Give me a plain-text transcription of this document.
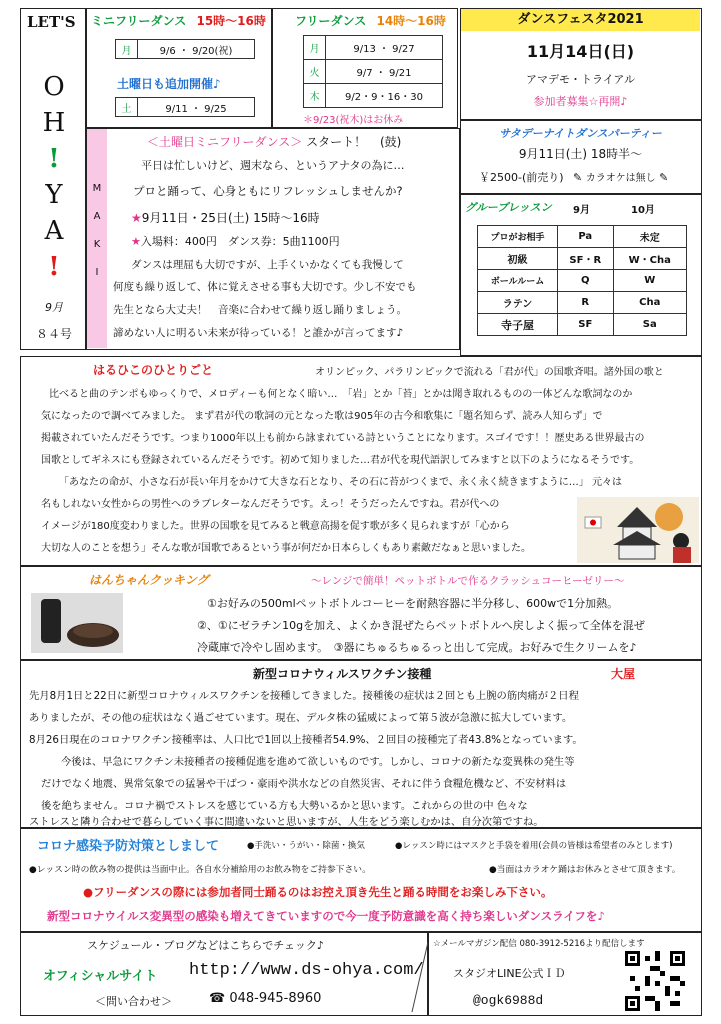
LET'S
O
H
!
Y
A
!
9月
８４号
ミニフリーダンス 15時～16時
月	9/6 ・ 9/20(祝)
土曜日も追加開催♪
土	9/11 ・ 9/25
フリーダンス 14時～16時
月	9/13 ・ 9/27
火	9/7 ・ 9/21
木	9/2・9・16・30
＊9/23(祝木)はお休み
ダンスフェスタ2021
11月14日(日)
アマデモ・トライアル
参加者募集☆再開♪
サタデーナイトダンスパーティー
9月11日(土) 18時半～
￥2500-(前売り) ✎ カラオケは無し ✎
グループレッスン 9月	10月
プロがお相手	Pa	未定
初級	SF・R	W・Cha
ボールルーム	Q	W
ラテン	R	Cha
寺子屋	SF	Sa
M
A
K
I
＜土曜日ミニフリーダンス＞ スタート！ (鼓)
平日は忙しいけど、週末なら、というアナタの為に…
プロと踊って、心身ともにリフレッシュしませんか?
★9月11日・25日(土) 15時～16時
★入場料：400円　ダンス券：5曲1100円
ダンスは理屈も大切ですが、上手くいかなくても我慢して
何度も繰り返して、体に覚えさせる事も大切です。少し不安でも
先生となら大丈夫！　音楽に合わせて繰り返し踊りましょう。
諦めない人に明るい未来が待っている！と誰かが言ってます♪
はるひこのひとりごと	オリンピック、パラリンピックで流れる「君が代」の国歌斉唱。諸外国の歌と
比べると曲のテンポもゆっくりで、メロディーも何となく暗い…　「岩」とか「苔」とかは聞き取れるものの一体どんな歌詞なのか
気になったので調べてみました。 まず君が代の歌詞の元となった歌は905年の古今和歌集に「題名知らず、読み人知らず」で
掲載されていたんだそうです。つまり1000年以上も前から詠まれている詩ということになります。スゴイです！！歴史ある世界最古の
国歌としてギネスにも登録されているんだそうです。初めて知りました…君が代を現代語訳してみますと以下のようになるそうです。
「あなたの命が、小さな石が長い年月をかけて大きな石となり、その石に苔がつくまで、永く永く続きますように…」 元々は
名もしれない女性からの男性へのラブレターなんだそうです。えっ！そうだったんですね。君が代への
イメージが180度変わりました。世界の国歌を見てみると戦意高揚を促す歌が多く見られますが「心から
大切な人のことを想う」そんな歌が国歌であるという事が何だか日本らしくもあり素敵だなぁと思いました。
はんちゃんクッキング	～レンジで簡単！ペットボトルで作るクラッシュコーヒーゼリー～
①お好みの500mlペットボトルコーヒーを耐熱容器に半分移し、600wで1分加熱。
②、①にゼラチン10gを加え、よくかき混ぜたらペットボトルへ戻しよく振って全体を混ぜ
冷蔵庫で冷やし固めます。　③器にちゅるちゅるっと出して完成。お好みで生クリームを♪
新型コロナウィルスワクチン接種	大屋
先月8月1日と22日に新型コロナウィルスワクチンを接種してきました。接種後の症状は２回とも上腕の筋肉痛が２日程
ありましたが、その他の症状はなく過ごせています。現在、デルタ株の猛威によって第５波が急激に拡大しています。
8月26日現在のコロナワクチン接種率は、人口比で1回以上接種者54.9%、２回目の接種完了者43.8%となっています。
今後は、早急にワクチン未接種者の接種促進を進めて欲しいものです。しかし、コロナの新たな変異株の発生等
だけでなく地震、異常気象での猛暑や干ばつ・豪雨や洪水などの自然災害、それに伴う食糧危機など、不安材料は
後を絶ちません。コロナ禍でストレスを感じている方も大勢いるかと思います。これからの世の中 色々な
ストレスと隣り合わせで暮らしていく事に間違いないと思いますが、人生をどう楽しむかは、自分次第ですね。
コロナ感染予防対策としまして	●手洗い・うがい・除菌・換気	●レッスン時にはマスクと手袋を着用(会員の皆様は希望者のみとします)
●レッスン時の飲み物の提供は当面中止。各自水分補給用のお飲み物をご持参下さい。	●当面はカラオケ踊はお休みとさせて頂きます。
●フリーダンスの際には参加者同士踊るのはお控え頂き先生と踊る時間をお楽しみ下さい。
新型コロナウイルス変異型の感染も増えてきていますので今一度予防意識を高く持ち楽しいダンスライフを♪
スケジュール・ブログなどはこちらでチェック♪
オフィシャルサイト http://www.ds-ohya.com/
＜問い合わせ＞	☎ 048-945-8960
☆メールマガジン配信 080-3912-5216より配信します
スタジオLINE公式ＩＤ
@ogk6988d
